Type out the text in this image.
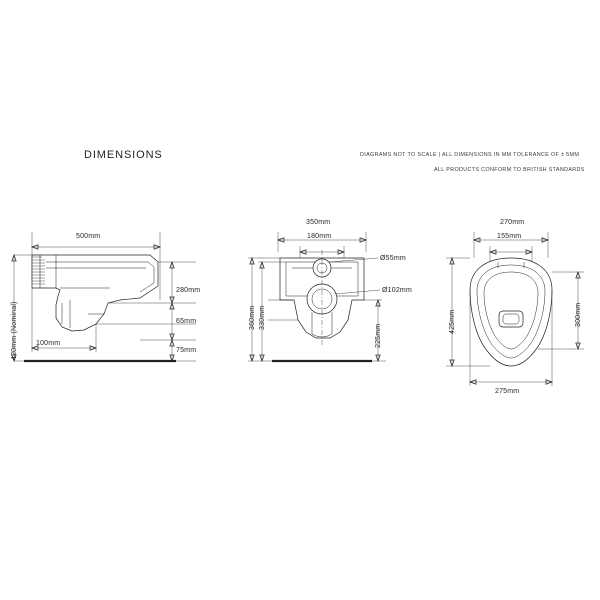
DIMENSIONS	DIAGRAMS NOT TO SCALE | ALL DIMENSIONS IN MM TOLERANCE OF ± 5MM
ALL PRODUCTS CONFORM TO BRITISH STANDARDS
500mm
280mm
65mm
75mm
100mm
420mm (Nominal)
350mm
180mm
Ø55mm
Ø102mm
360mm 330mm
225mm
270mm
155mm
425mm	300mm
275mm
